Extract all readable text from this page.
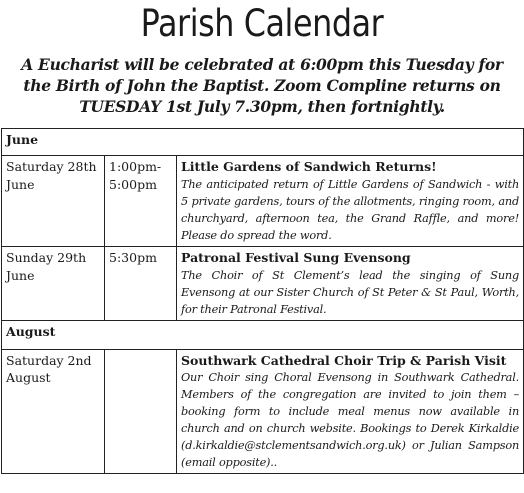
Parish Calendar
A Eucharist will be celebrated at 6:00pm this Tuesday for the Birth of John the Baptist. Zoom Compline returns on TUESDAY 1st July 7.30pm, then fortnightly.
June		
Saturday 28th June	1:00pm-5:00pm	Little Gardens of Sandwich Returns!
The anticipated return of Little Gardens of Sandwich - with 5 private gardens, tours of the allotments, ringing room, and churchyard, afternoon tea, the Grand Raffle, and more! Please do spread the word.

Sunday 29th June	5:30pm	Patronal Festival Sung Evensong
The Choir of St Clement’s lead the singing of Sung Evensong at our Sister Church of St Peter & St Paul, Worth, for their Patronal Festival.

August		
Saturday 2nd August		Southwark Cathedral Choir Trip & Parish Visit
Our Choir sing Choral Evensong in Southwark Cathedral. Members of the congregation are invited to join them – booking form to include meal menus now available in church and on church website. Bookings to Derek Kirkaldie (d.kirkaldie@stclementsandwich.org.uk) or Julian Sampson (email opposite)..
